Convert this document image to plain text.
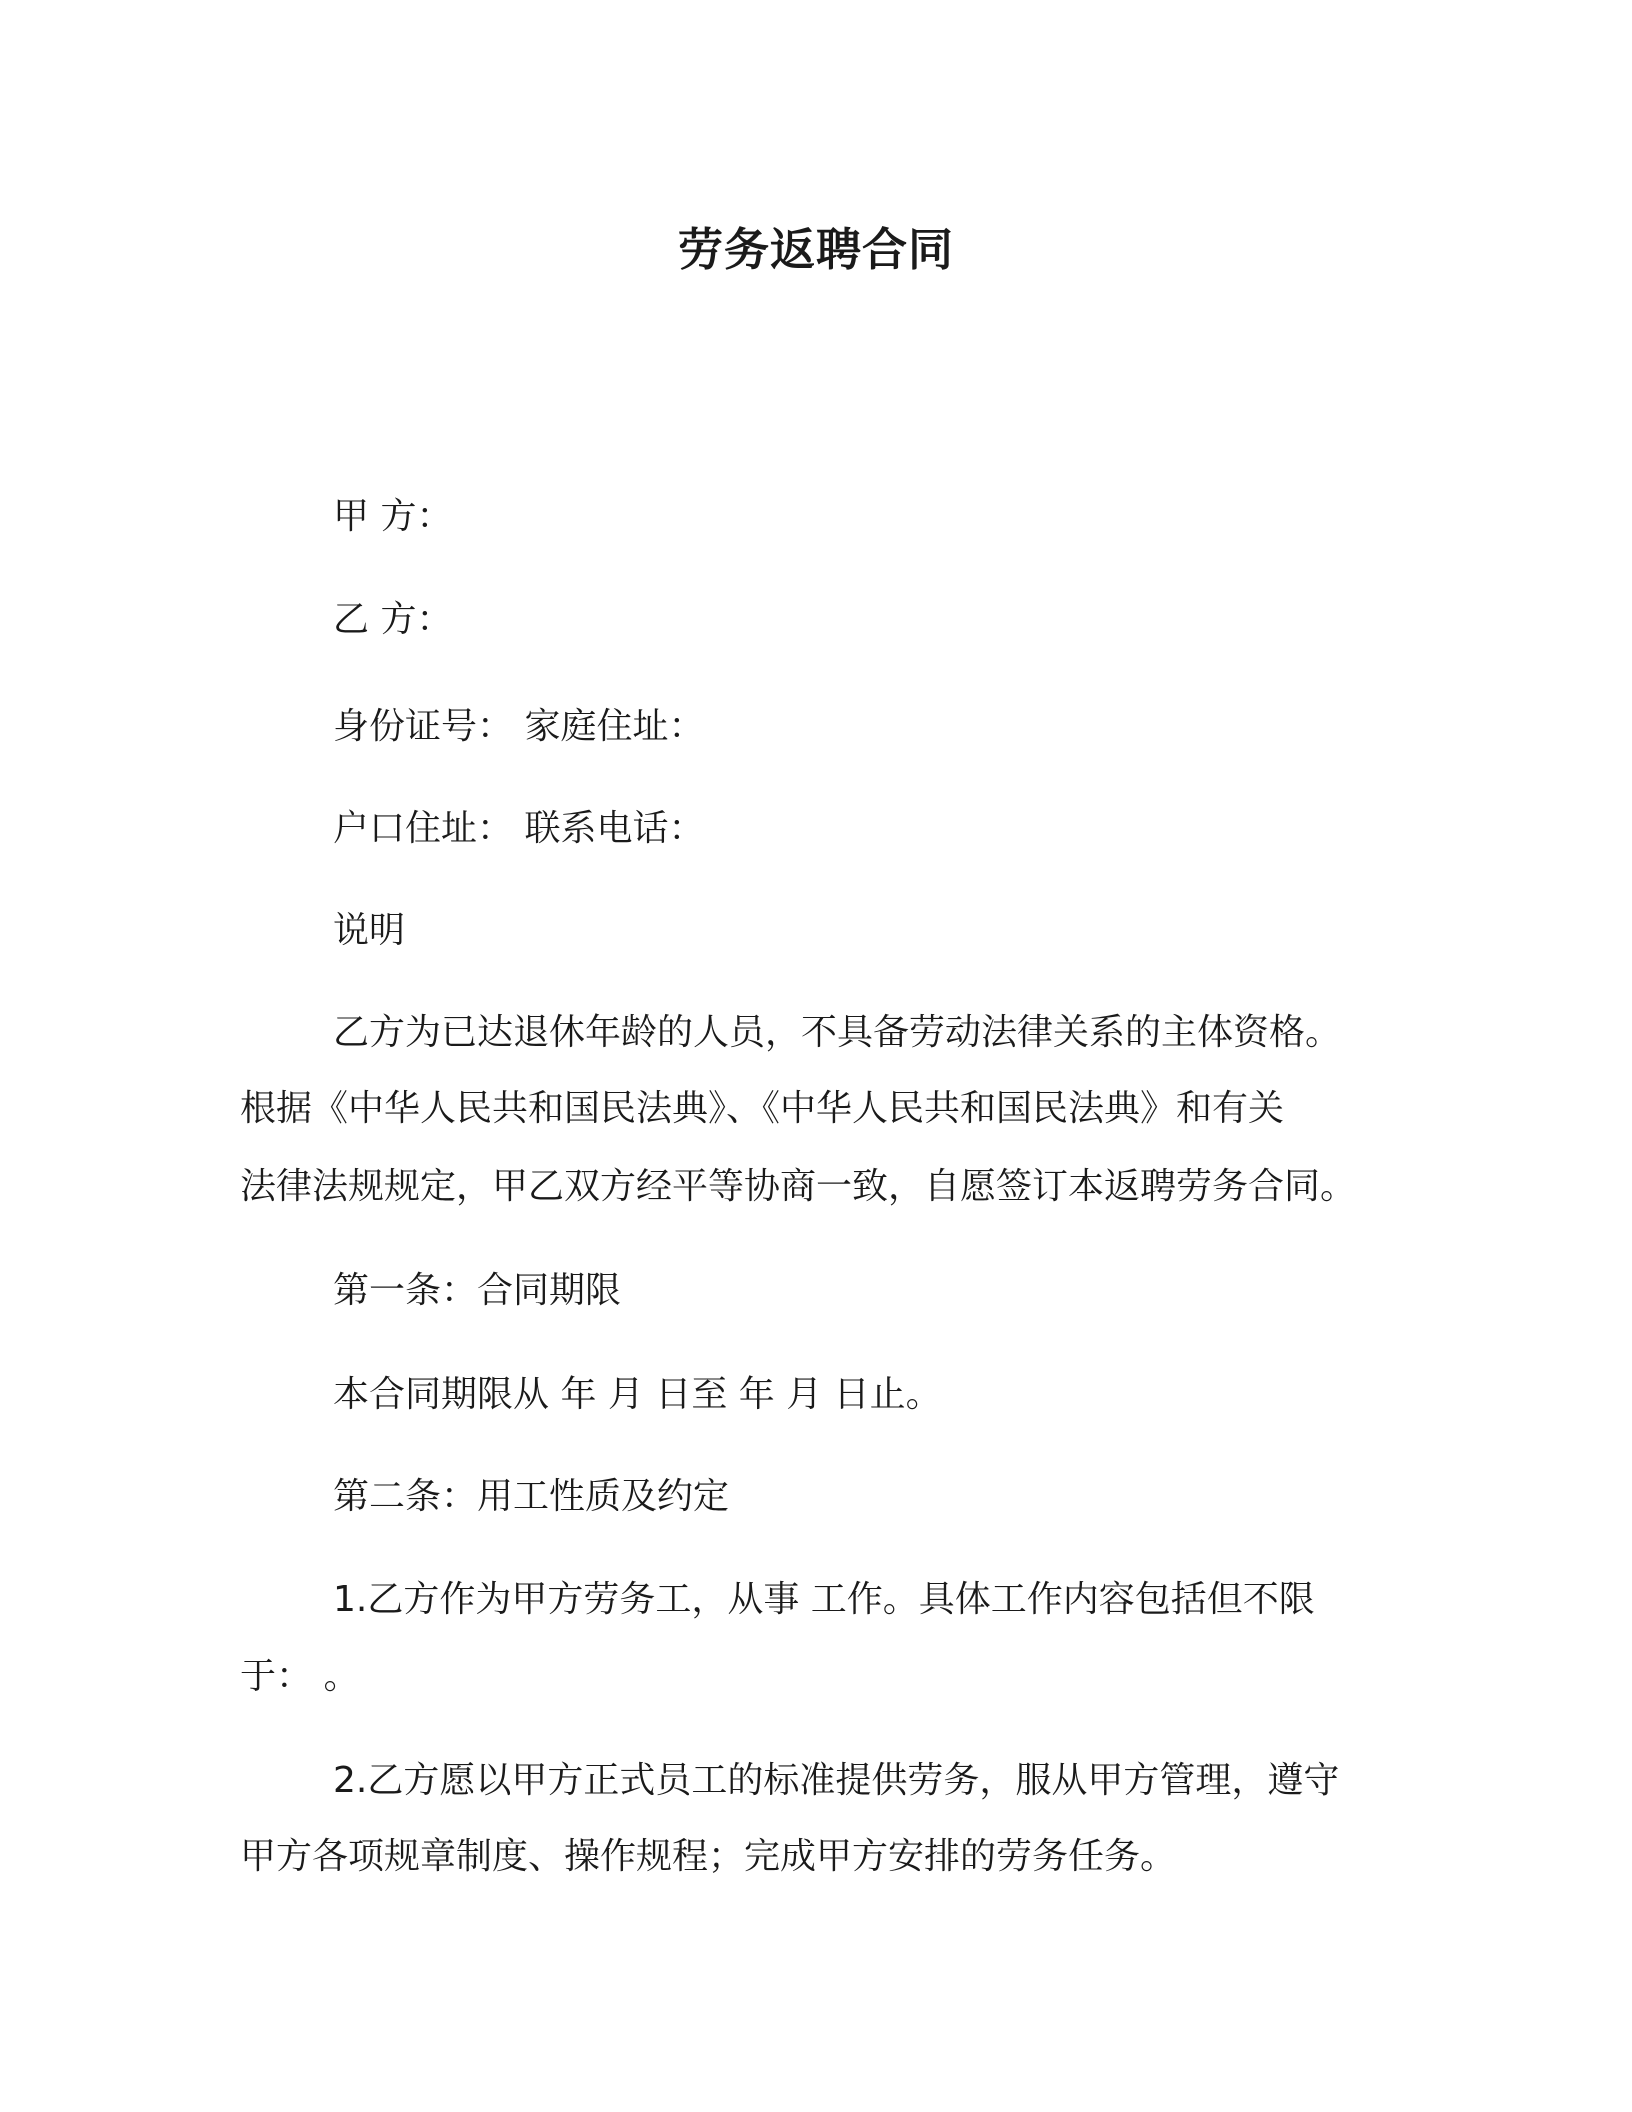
劳务返聘合同
甲 方：
乙 方：
身份证号： 家庭住址：
户口住址： 联系电话：
说明
乙方为已达退休年龄的人员，不具备劳动法律关系的主体资格。
根据《中华人民共和国民法典》、《中华人民共和国民法典》和有关
法律法规规定，甲乙双方经平等协商一致，自愿签订本返聘劳务合同。
第一条：合同期限
本合同期限从 年 月 日至 年 月 日止。
第二条：用工性质及约定
1.乙方作为甲方劳务工，从事 工作。具体工作内容包括但不限
于： 。
2.乙方愿以甲方正式员工的标准提供劳务，服从甲方管理，遵守
甲方各项规章制度、操作规程；完成甲方安排的劳务任务。
